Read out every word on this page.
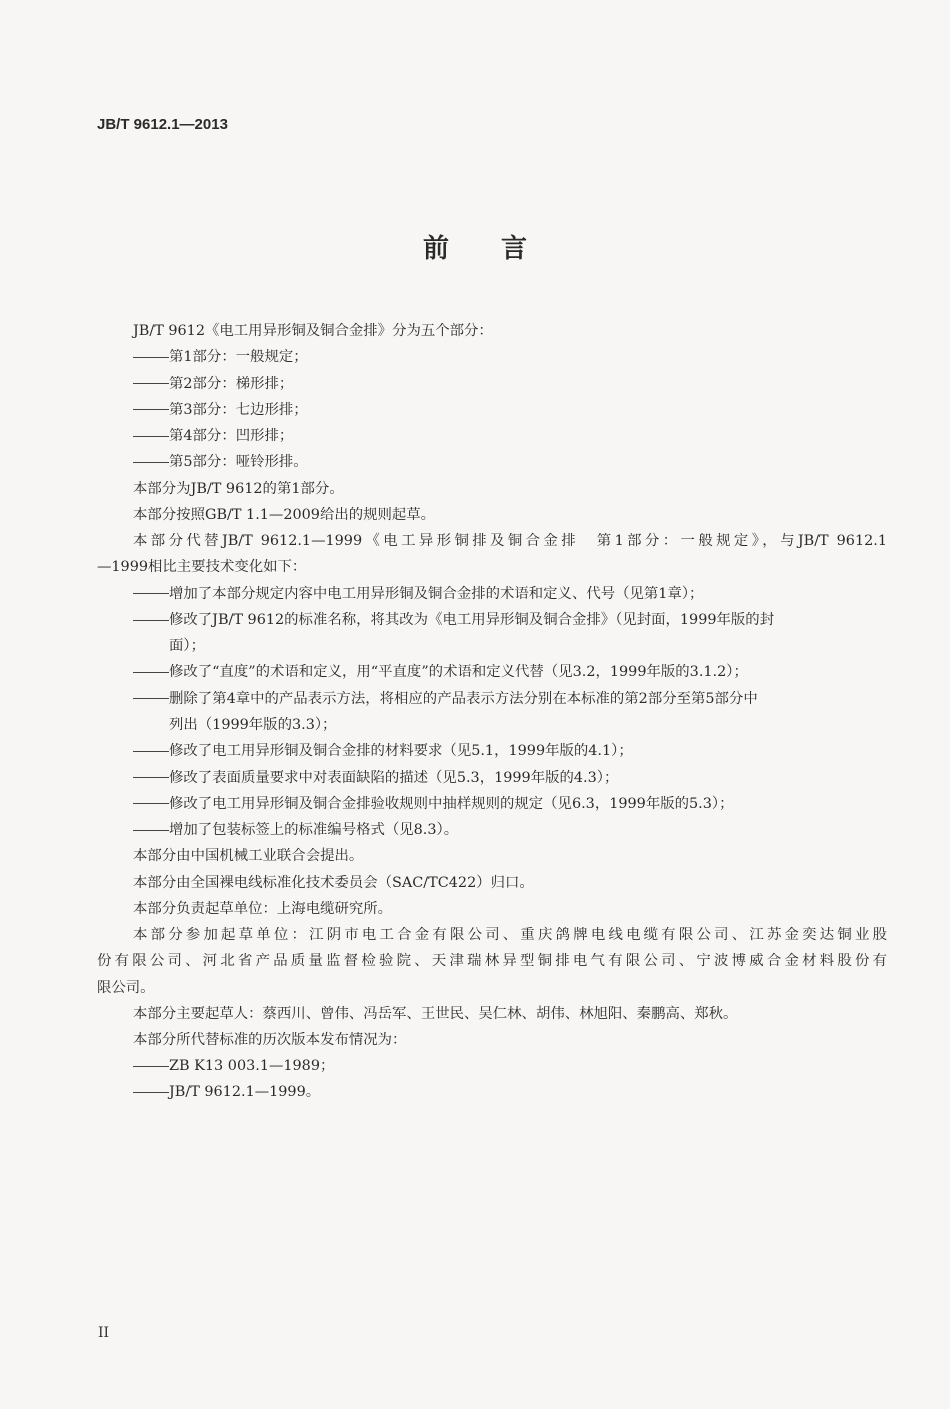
JB/T 9612.1—2013
前言
JB/T 9612《电工用异形铜及铜合金排》分为五个部分：
第1部分：一般规定；
第2部分：梯形排；
第3部分：七边形排；
第4部分：凹形排；
第5部分：哑铃形排。
本部分为JB/T 9612的第1部分。
本部分按照GB/T 1.1—2009给出的规则起草。
本部分代替JB/T 9612.1—1999《电工异形铜排及铜合金排　第1部分：一般规定》，与JB/T 9612.1
—1999相比主要技术变化如下：
增加了本部分规定内容中电工用异形铜及铜合金排的术语和定义、代号（见第1章）；
修改了JB/T 9612的标准名称，将其改为《电工用异形铜及铜合金排》（见封面，1999年版的封
面）；
修改了“直度”的术语和定义，用“平直度”的术语和定义代替（见3.2，1999年版的3.1.2）；
删除了第4章中的产品表示方法，将相应的产品表示方法分别在本标准的第2部分至第5部分中
列出（1999年版的3.3）；
修改了电工用异形铜及铜合金排的材料要求（见5.1，1999年版的4.1）；
修改了表面质量要求中对表面缺陷的描述（见5.3，1999年版的4.3）；
修改了电工用异形铜及铜合金排验收规则中抽样规则的规定（见6.3，1999年版的5.3）；
增加了包装标签上的标准编号格式（见8.3）。
本部分由中国机械工业联合会提出。
本部分由全国裸电线标准化技术委员会（SAC/TC422）归口。
本部分负责起草单位：上海电缆研究所。
本部分参加起草单位：江阴市电工合金有限公司、重庆鸽牌电线电缆有限公司、江苏金奕达铜业股
份有限公司、河北省产品质量监督检验院、天津瑞林异型铜排电气有限公司、宁波博威合金材料股份有
限公司。
本部分主要起草人：蔡西川、曾伟、冯岳军、王世民、吴仁林、胡伟、林旭阳、秦鹏高、郑秋。
本部分所代替标准的历次版本发布情况为：
ZB K13 003.1—1989；
JB/T 9612.1—1999。
II
